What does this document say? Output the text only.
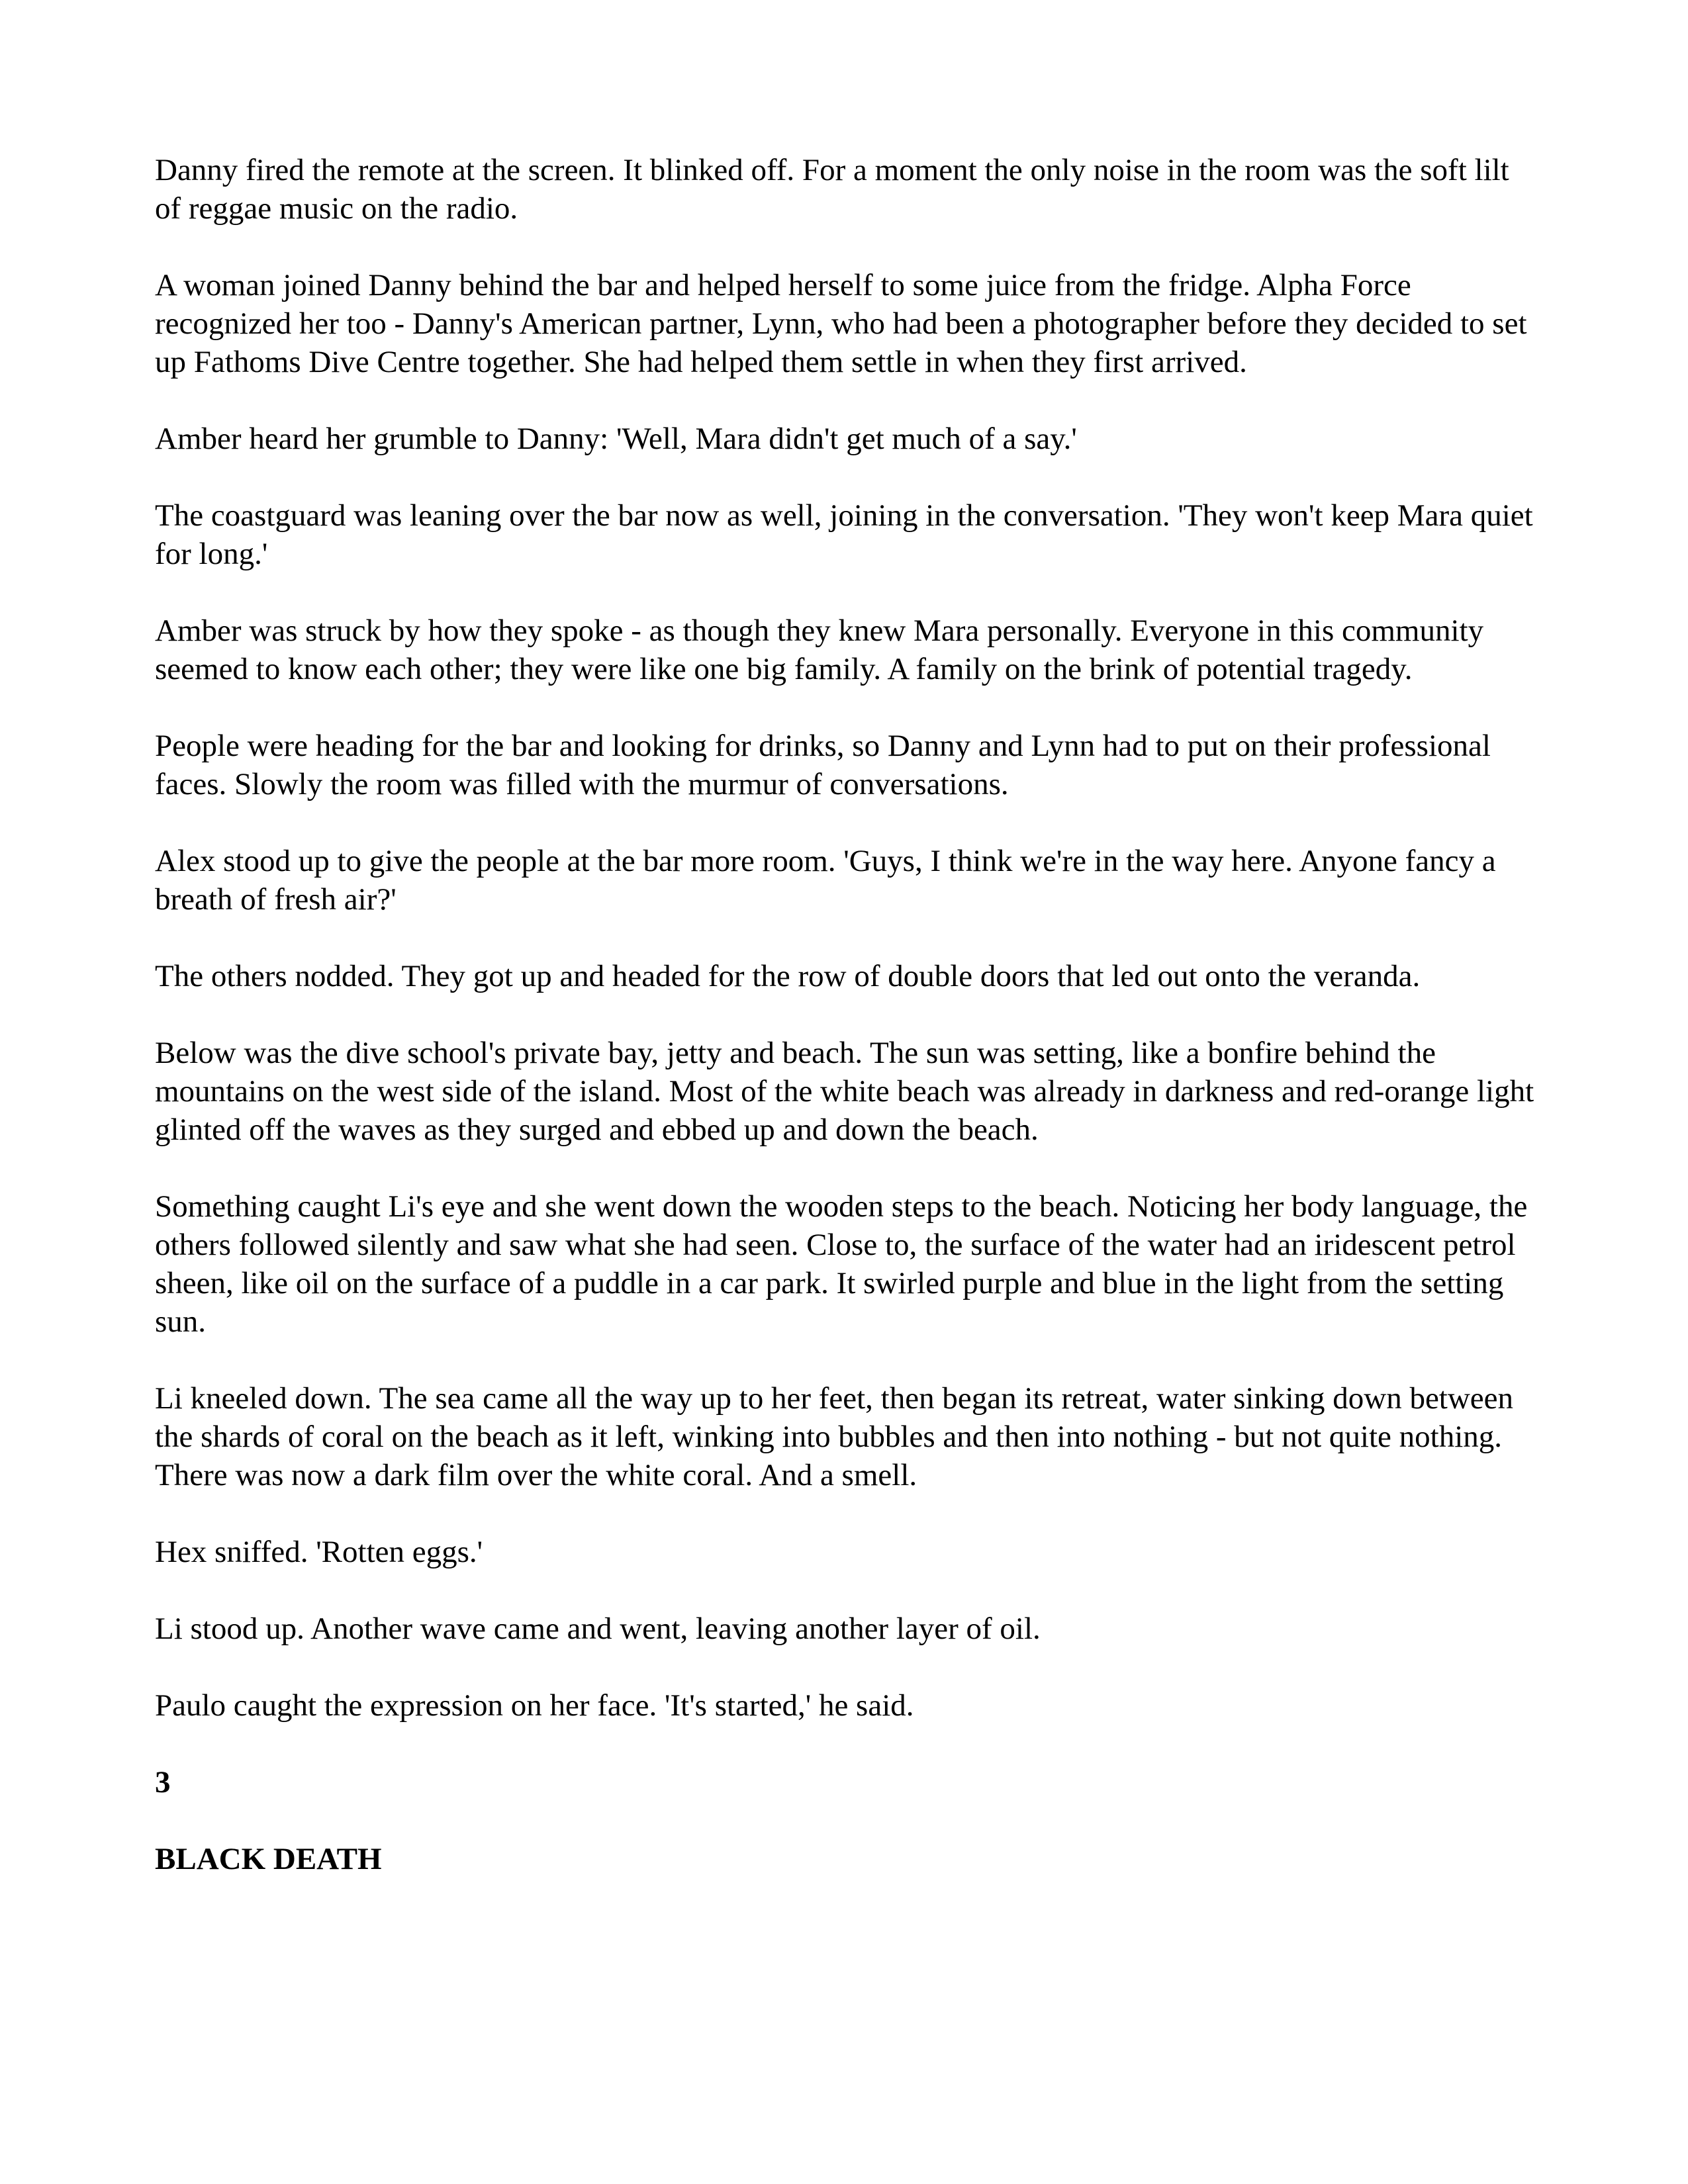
Danny fired the remote at the screen. It blinked off. For a moment the only noise in the room was the soft lilt of reggae music on the radio.

A woman joined Danny behind the bar and helped herself to some juice from the fridge. Alpha Force recognized her too - Danny's American partner, Lynn, who had been a photographer before they decided to set up Fathoms Dive Centre together. She had helped them settle in when they first arrived.

Amber heard her grumble to Danny: 'Well, Mara didn't get much of a say.'

The coastguard was leaning over the bar now as well, joining in the conversation. 'They won't keep Mara quiet for long.'

Amber was struck by how they spoke - as though they knew Mara personally. Everyone in this community seemed to know each other; they were like one big family. A family on the brink of potential tragedy.

People were heading for the bar and looking for drinks, so Danny and Lynn had to put on their professional faces. Slowly the room was filled with the murmur of conversations.

Alex stood up to give the people at the bar more room. 'Guys, I think we're in the way here. Anyone fancy a breath of fresh air?'

The others nodded. They got up and headed for the row of double doors that led out onto the veranda.

Below was the dive school's private bay, jetty and beach. The sun was setting, like a bonfire behind the mountains on the west side of the island. Most of the white beach was already in darkness and red-orange light glinted off the waves as they surged and ebbed up and down the beach.

Something caught Li's eye and she went down the wooden steps to the beach. Noticing her body language, the others followed silently and saw what she had seen. Close to, the surface of the water had an iridescent petrol sheen, like oil on the surface of a puddle in a car park. It swirled purple and blue in the light from the setting sun.

Li kneeled down. The sea came all the way up to her feet, then began its retreat, water sinking down between the shards of coral on the beach as it left, winking into bubbles and then into nothing - but not quite nothing. There was now a dark film over the white coral. And a smell.

Hex sniffed. 'Rotten eggs.'

Li stood up. Another wave came and went, leaving another layer of oil.

Paulo caught the expression on her face. 'It's started,' he said.

3

BLACK DEATH
